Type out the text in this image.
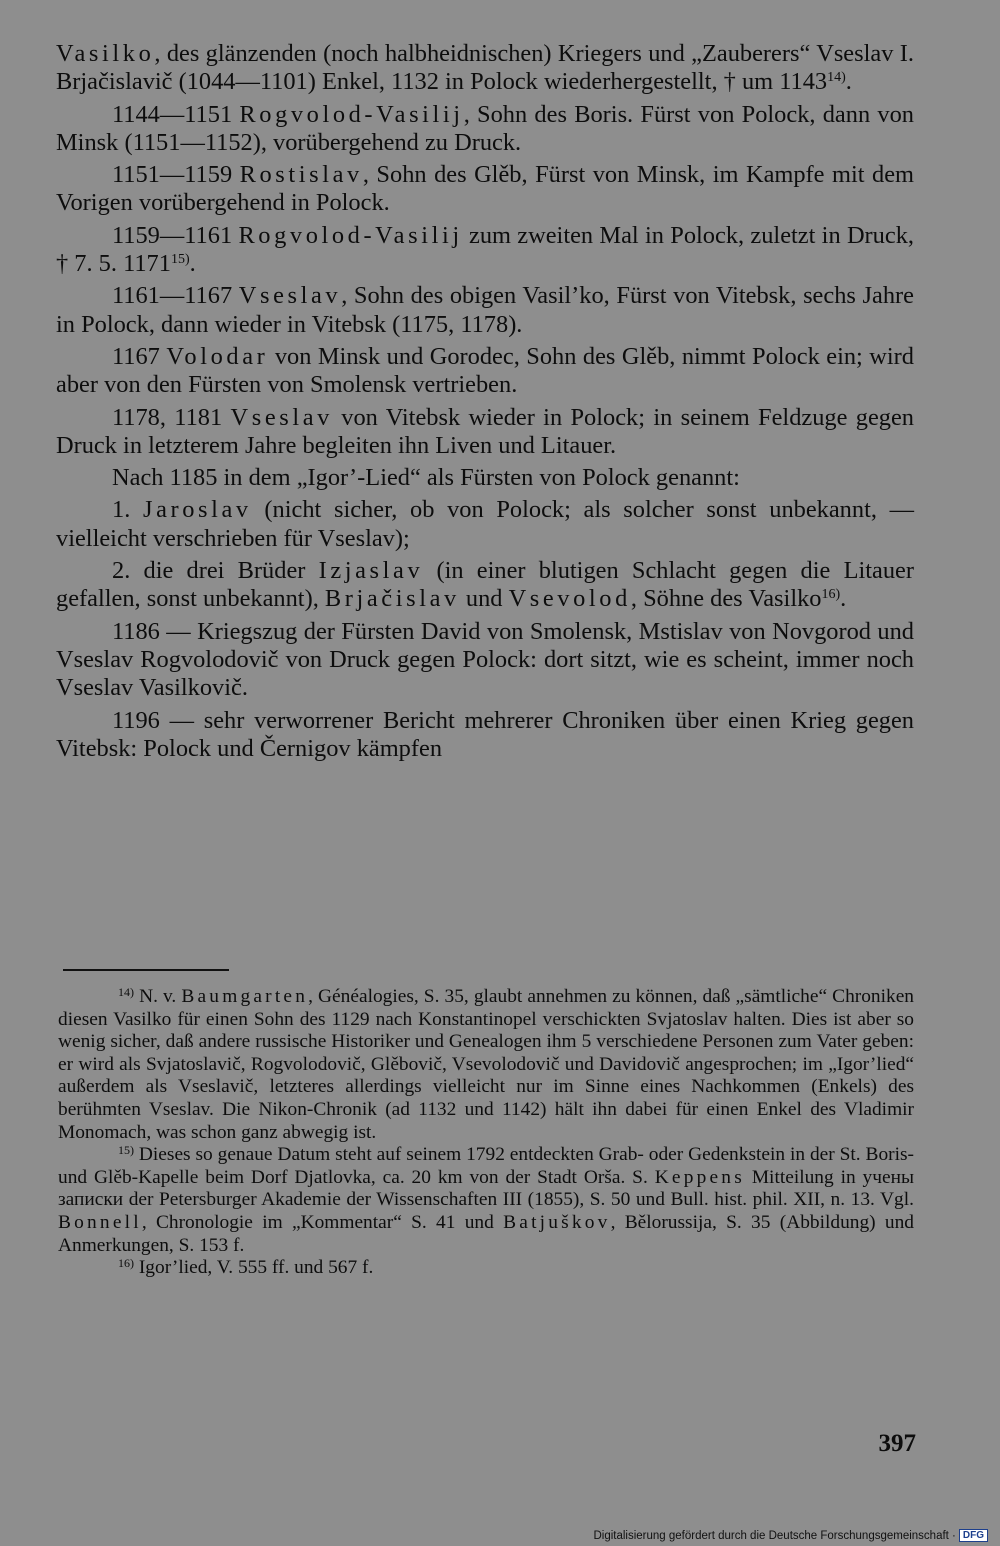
Vasilko, des glänzenden (noch halbheidnischen) Kriegers und „Zauberers“ Vseslav I. Brjačislavič (1044—1101) Enkel, 1132 in Polock wiederhergestellt, † um 1143$^{14)}$.

1144—1151 Rogvolod-Vasilij, Sohn des Boris. Fürst von Polock, dann von Minsk (1151—1152), vorübergehend zu Druck.

1151—1159 Rostislav, Sohn des Glěb, Fürst von Minsk, im Kampfe mit dem Vorigen vorübergehend in Polock.

1159—1161 Rogvolod-Vasilij zum zweiten Mal in Polock, zuletzt in Druck, † 7. 5. 1171$^{15)}$.

1161—1167 Vseslav, Sohn des obigen Vasil’ko, Fürst von Vitebsk, sechs Jahre in Polock, dann wieder in Vitebsk (1175, 1178).

1167 Volodar von Minsk und Gorodec, Sohn des Glěb, nimmt Polock ein; wird aber von den Fürsten von Smolensk vertrieben.

1178, 1181 Vseslav von Vitebsk wieder in Polock; in seinem Feldzuge gegen Druck in letzterem Jahre begleiten ihn Liven und Litauer.

Nach 1185 in dem „Igor’-Lied“ als Fürsten von Polock genannt:

1. Jaroslav (nicht sicher, ob von Polock; als solcher sonst unbekannt, — vielleicht verschrieben für Vseslav);

2. die drei Brüder Izjaslav (in einer blutigen Schlacht gegen die Litauer gefallen, sonst unbekannt), Brjačislav und Vsevolod, Söhne des Vasilko$^{16)}$.

1186 — Kriegszug der Fürsten David von Smolensk, Mstislav von Novgorod und Vseslav Rogvolodovič von Druck gegen Polock: dort sitzt, wie es scheint, immer noch Vseslav Vasilkovič.

1196 — sehr verworrener Bericht mehrerer Chroniken über einen Krieg gegen Vitebsk: Polock und Černigov kämpfen

$^{14)}$ N. v. Baumgarten, Généalogies, S. 35, glaubt annehmen zu können, daß „sämtliche“ Chroniken diesen Vasilko für einen Sohn des 1129 nach Konstantinopel verschickten Svjatoslav halten. Dies ist aber so wenig sicher, daß andere russische Historiker und Genealogen ihm 5 verschiedene Personen zum Vater geben: er wird als Svjatoslavič, Rogvolodovič, Glěbovič, Vsevolodovič und Davidovič angesprochen; im „Igor’lied“ außerdem als Vseslavič, letzteres allerdings vielleicht nur im Sinne eines Nachkommen (Enkels) des berühmten Vseslav. Die Nikon-Chronik (ad 1132 und 1142) hält ihn dabei für einen Enkel des Vladimir Monomach, was schon ganz abwegig ist.

$^{15)}$ Dieses so genaue Datum steht auf seinem 1792 entdeckten Grab- oder Gedenkstein in der St. Boris- und Glěb-Kapelle beim Dorf Djatlovka, ca. 20 km von der Stadt Orša. S. Keppens Mitteilung in учены записки der Petersburger Akademie der Wissenschaften III (1855), S. 50 und Bull. hist. phil. XII, n. 13. Vgl. Bonnell, Chronologie im „Kommentar“ S. 41 und Batjuškov, Bělorussija, S. 35 (Abbildung) und Anmerkungen, S. 153 f.

$^{16)}$ Igor’lied, V. 555 ff. und 567 f.

397
Digitalisierung gefördert durch die Deutsche Forschungsgemeinschaft · DFG
